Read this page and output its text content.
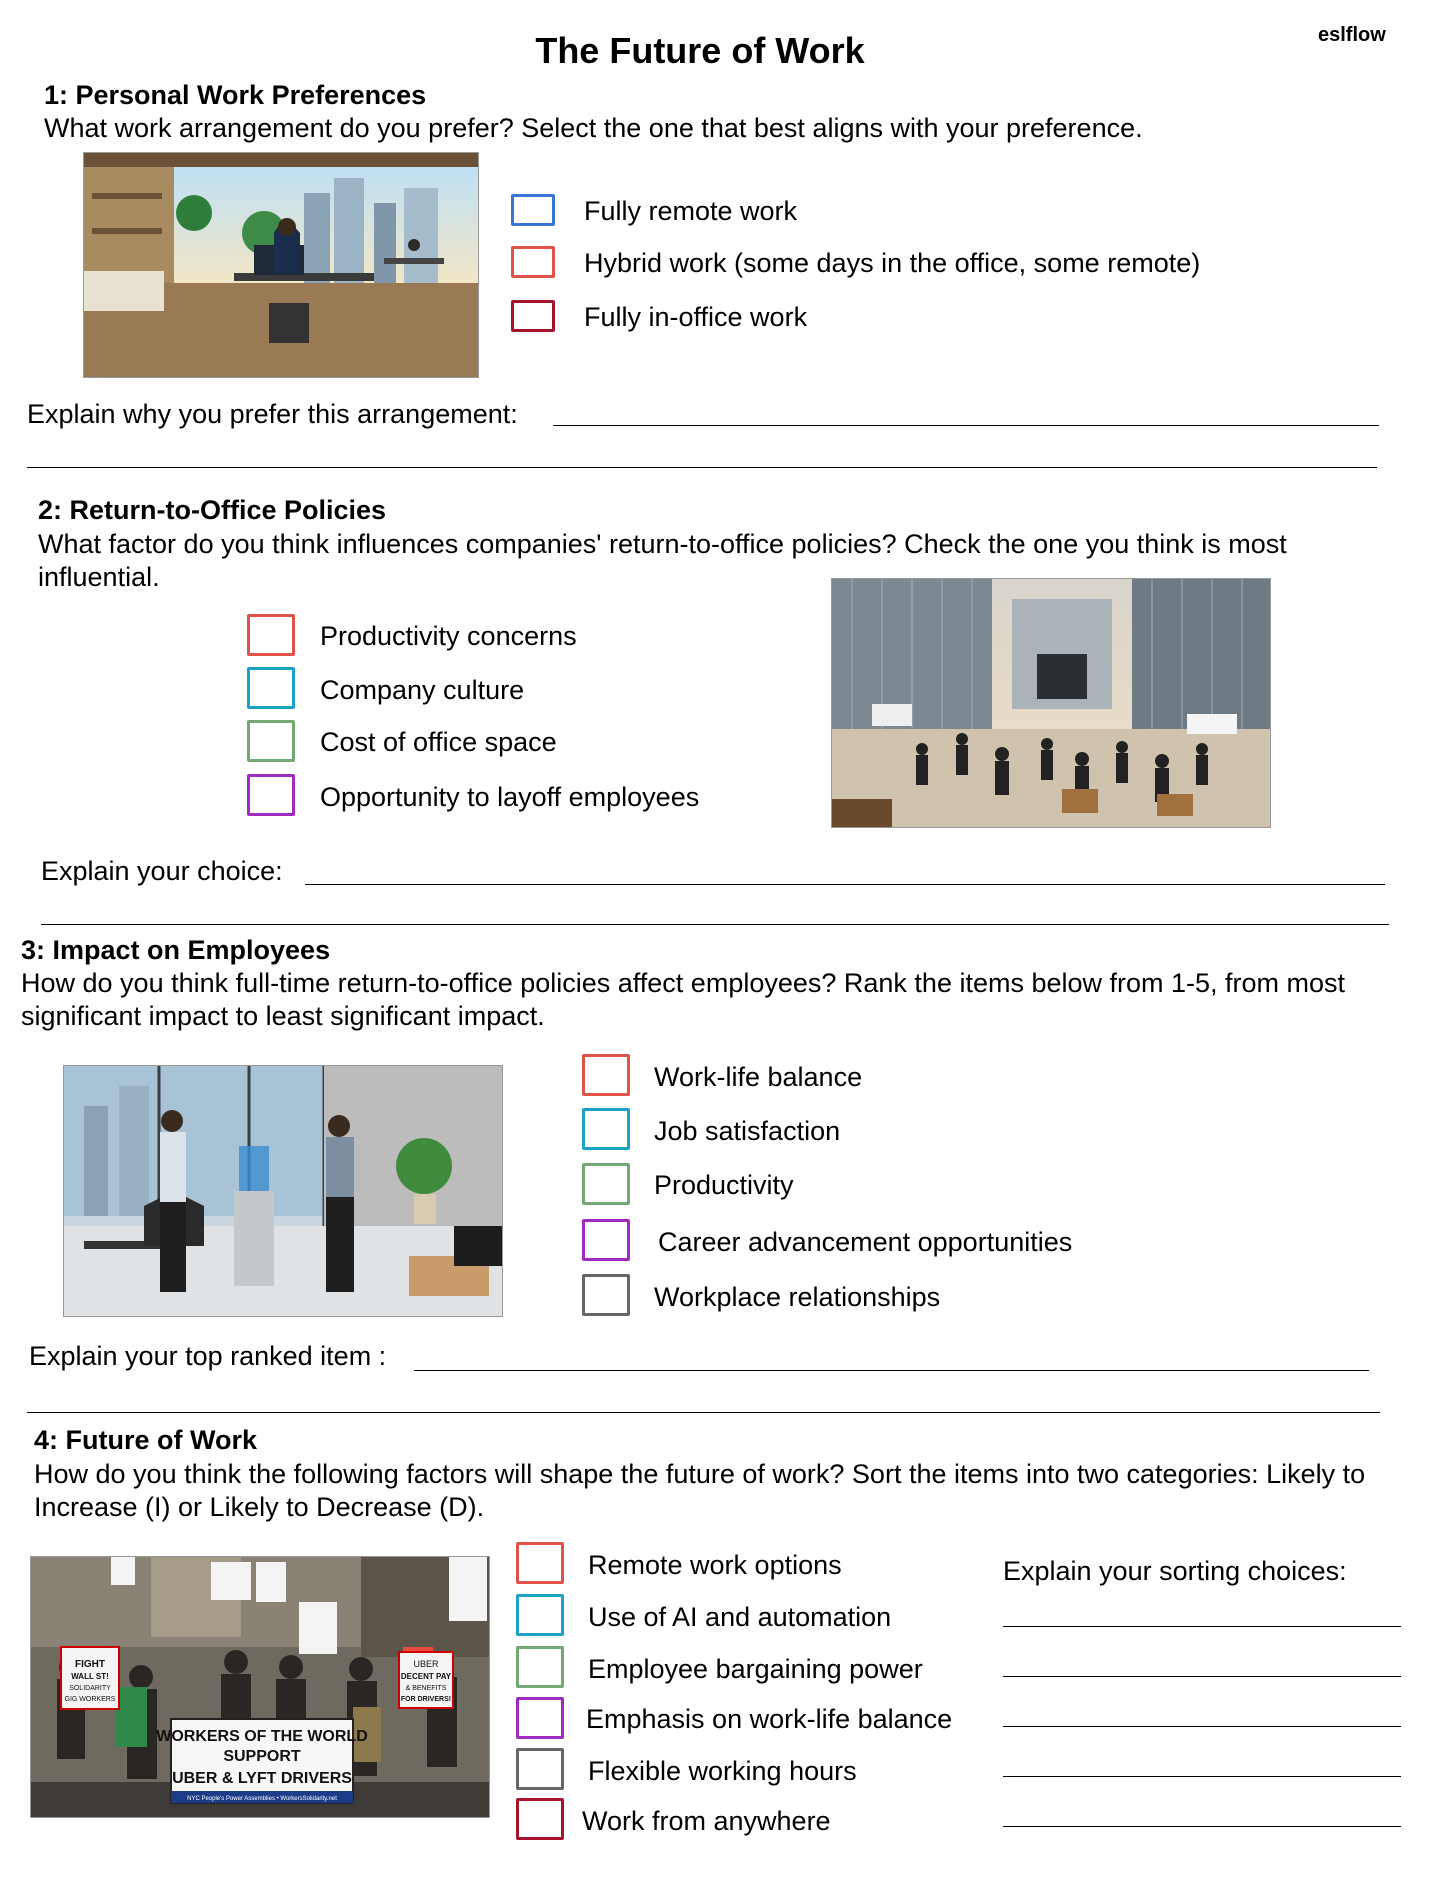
The Future of Work	eslflow
1: Personal Work Preferences
What work arrangement do you prefer? Select the one that best aligns with your preference.
Fully remote work
Hybrid work (some days in the office, some remote)
Fully in-office work
Explain why you prefer this arrangement:
2: Return-to-Office Policies
What factor do you think influences companies' return-to-office policies? Check the one you think is most influential.
Productivity concerns
Company culture
Cost of office space
Opportunity to layoff employees
Explain your choice:
3: Impact on Employees
How do you think full-time return-to-office policies affect employees? Rank the items below from 1-5, from most significant impact to least significant impact.
Work-life balance
Job satisfaction
Productivity
Career advancement opportunities
Workplace relationships
Explain your top ranked item :
4: Future of Work
How do you think the following factors will shape the future of work? Sort the items into two categories: Likely to Increase (I) or Likely to Decrease (D).
FIGHT
WALL ST!
SOLIDARITY
GIG WORKERS
UBER
DECENT PAY
& BENEFITS
FOR DRIVERS!
WORKERS OF THE WORLD
SUPPORT
UBER & LYFT DRIVERS
NYC People's Power Assemblies • WorkersSolidarity.net
Remote work options
Use of AI and automation
Employee bargaining power
Emphasis on work-life balance
Flexible working hours
Work from anywhere
Explain your sorting choices:
